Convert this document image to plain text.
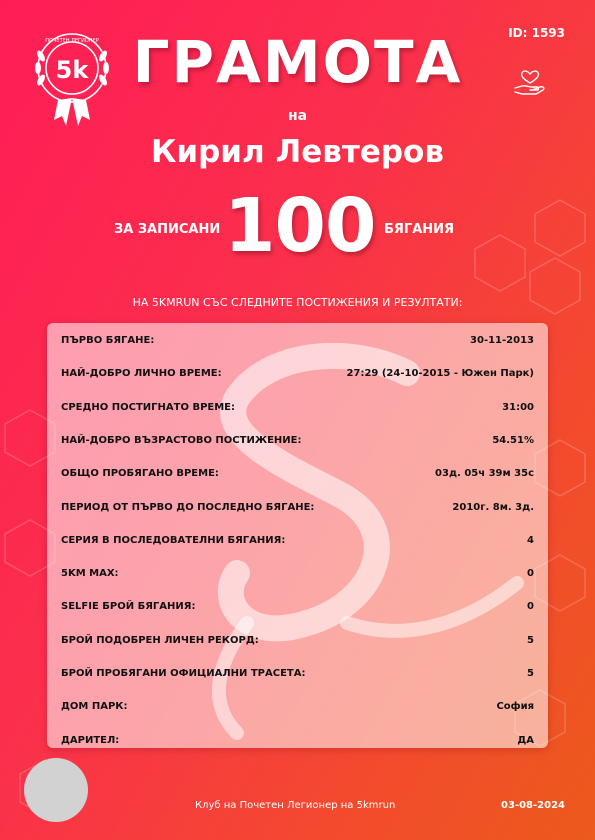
5k
ПОЧЕТЕН ЛЕГИОНЕР
ID: 1593
ГРАМОТА
на
Кирил Левтеров
ЗА ЗАПИСАНИ 100 БЯГАНИЯ
НА 5KMRUN СЪС СЛЕДНИТЕ ПОСТИЖЕНИЯ И РЕЗУЛТАТИ:
ПЪРВО БЯГАНЕ:	30-11-2013
НАЙ-ДОБРО ЛИЧНО ВРЕМЕ:	27:29 (24-10-2015 - Южен Парк)
СРЕДНО ПОСТИГНАТО ВРЕМЕ:	31:00
НАЙ-ДОБРО ВЪЗРАСТОВО ПОСТИЖЕНИЕ:	54.51%
ОБЩО ПРОБЯГАНО ВРЕМЕ:	03д. 05ч 39м 35с
ПЕРИОД ОТ ПЪРВО ДО ПОСЛЕДНО БЯГАНЕ:	2010г. 8м. 3д.
СЕРИЯ В ПОСЛЕДОВАТЕЛНИ БЯГАНИЯ:	4
5KM MAX:	0
SELFIE БРОЙ БЯГАНИЯ:	0
БРОЙ ПОДОБРЕН ЛИЧЕН РЕКОРД:	5
БРОЙ ПРОБЯГАНИ ОФИЦИАЛНИ ТРАСЕТА:	5
ДОМ ПАРК:	София
ДАРИТЕЛ:	ДА
Клуб на Почетен Легионер на 5kmrun	03-08-2024
